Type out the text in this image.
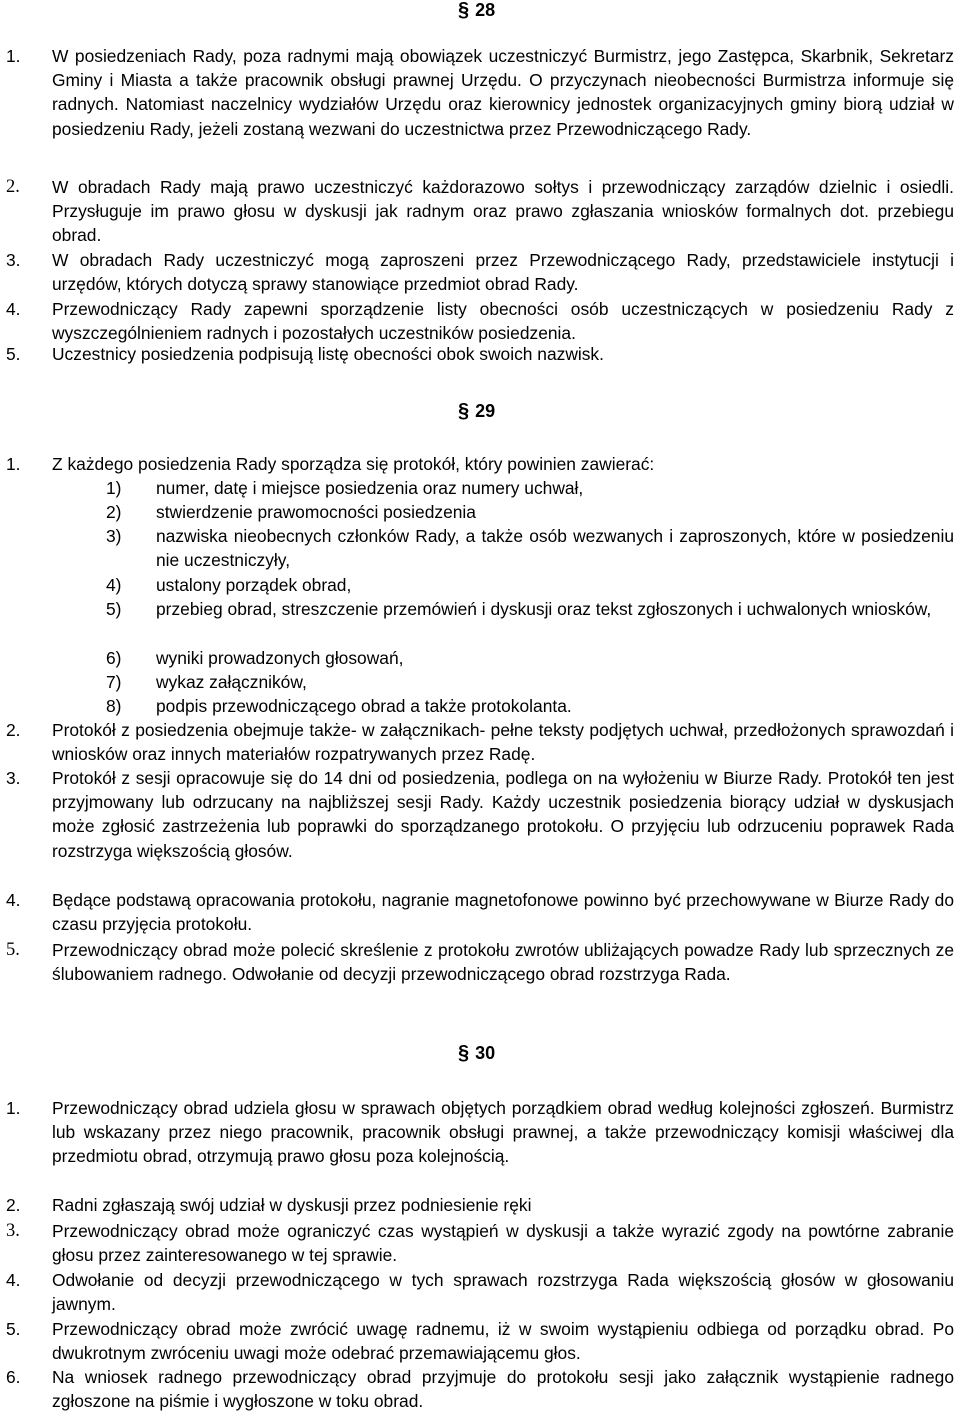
§ 28
1. W posiedzeniach Rady, poza radnymi mają obowiązek uczestniczyć Burmistrz, jego Zastępca, Skarbnik, Sekretarz Gminy i Miasta a także pracownik obsługi prawnej Urzędu. O przyczynach nieobecności Burmistrza informuje się radnych. Natomiast naczelnicy wydziałów Urzędu oraz kierownicy jednostek organizacyjnych gminy biorą udział w posiedzeniu Rady, jeżeli zostaną wezwani do uczestnictwa przez Przewodniczącego Rady.
2. W obradach Rady mają prawo uczestniczyć każdorazowo sołtys i przewodniczący zarządów dzielnic i osiedli. Przysługuje im prawo głosu w dyskusji jak radnym oraz prawo zgłaszania wniosków formalnych dot. przebiegu obrad.
3. W obradach Rady uczestniczyć mogą zaproszeni przez Przewodniczącego Rady, przedstawiciele instytucji i urzędów, których dotyczą sprawy stanowiące przedmiot obrad Rady.
4. Przewodniczący Rady zapewni sporządzenie listy obecności osób uczestniczących w posiedzeniu Rady z wyszczególnieniem radnych i pozostałych uczestników posiedzenia.
5. Uczestnicy posiedzenia podpisują listę obecności obok swoich nazwisk.
§ 29
1. Z każdego posiedzenia Rady sporządza się protokół, który powinien zawierać:
1) numer, datę i miejsce posiedzenia oraz numery uchwał,
2) stwierdzenie prawomocności posiedzenia
3) nazwiska nieobecnych członków Rady, a także osób wezwanych i zaproszonych, które w posiedzeniu nie uczestniczyły,
4) ustalony porządek obrad,
5) przebieg obrad, streszczenie przemówień i dyskusji oraz tekst zgłoszonych i uchwalonych wniosków,
6) wyniki prowadzonych głosowań,
7) wykaz załączników,
8) podpis przewodniczącego obrad a także protokolanta.
2. Protokół z posiedzenia obejmuje także- w załącznikach- pełne teksty podjętych uchwał, przedłożonych sprawozdań i wniosków oraz innych materiałów rozpatrywanych przez Radę.
3. Protokół z sesji opracowuje się do 14 dni od posiedzenia, podlega on na wyłożeniu w Biurze Rady. Protokół ten jest przyjmowany lub odrzucany na najbliższej sesji Rady. Każdy uczestnik posiedzenia biorący udział w dyskusjach może zgłosić zastrzeżenia lub poprawki do sporządzanego protokołu. O przyjęciu lub odrzuceniu poprawek Rada rozstrzyga większością głosów.
4. Będące podstawą opracowania protokołu, nagranie magnetofonowe powinno być przechowywane w Biurze Rady do czasu przyjęcia protokołu.
5. Przewodniczący obrad może polecić skreślenie z protokołu zwrotów ubliżających powadze Rady lub sprzecznych ze ślubowaniem radnego. Odwołanie od decyzji przewodniczącego obrad rozstrzyga Rada.
§ 30
1. Przewodniczący obrad udziela głosu w sprawach objętych porządkiem obrad według kolejności zgłoszeń. Burmistrz lub wskazany przez niego pracownik, pracownik obsługi prawnej, a także przewodniczący komisji właściwej dla przedmiotu obrad, otrzymują prawo głosu poza kolejnością.
2. Radni zgłaszają swój udział w dyskusji przez podniesienie ręki
3. Przewodniczący obrad może ograniczyć czas wystąpień w dyskusji a także wyrazić zgody na powtórne zabranie głosu przez zainteresowanego w tej sprawie.
4. Odwołanie od decyzji przewodniczącego w tych sprawach rozstrzyga Rada większością głosów w głosowaniu jawnym.
5. Przewodniczący obrad może zwrócić uwagę radnemu, iż w swoim wystąpieniu odbiega od porządku obrad. Po dwukrotnym zwróceniu uwagi może odebrać przemawiającemu głos.
6. Na wniosek radnego przewodniczący obrad przyjmuje do protokołu sesji jako załącznik wystąpienie radnego zgłoszone na piśmie i wygłoszone w toku obrad.
